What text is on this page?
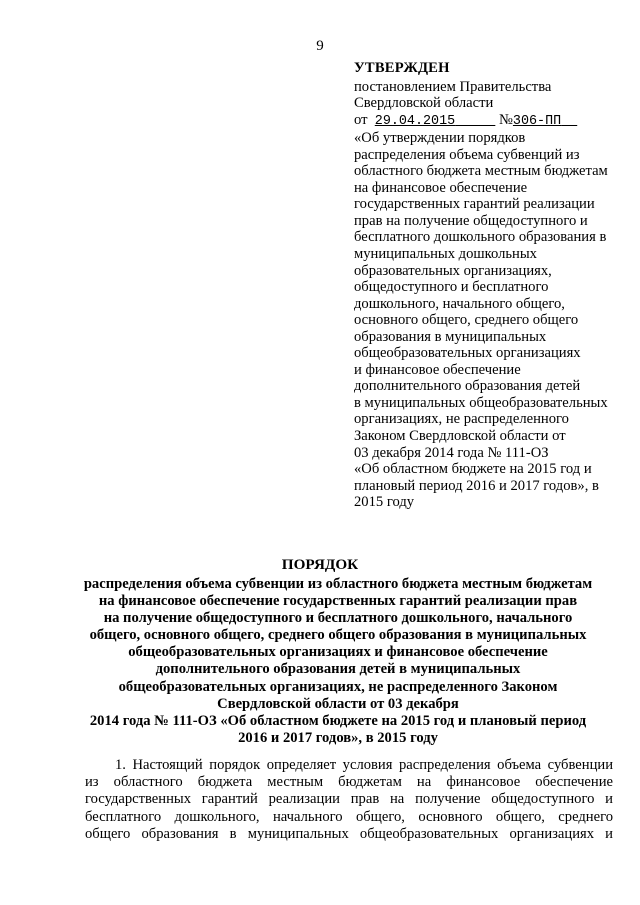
9
УТВЕРЖДЕН
постановлением Правительства
Свердловской области
от 29.04.2015	№306-ПП
«Об утверждении порядков
распределения объема субвенций из
областного бюджета местным бюджетам
на финансовое обеспечение
государственных гарантий реализации
прав на получение общедоступного и
бесплатного дошкольного образования в
муниципальных дошкольных
образовательных организациях,
общедоступного и бесплатного
дошкольного, начального общего,
основного общего, среднего общего
образования в муниципальных
общеобразовательных организациях
и финансовое обеспечение
дополнительного образования детей
в муниципальных общеобразовательных
организациях, не распределенного
Законом Свердловской области от
03 декабря 2014 года № 111-ОЗ
«Об областном бюджете на 2015 год и
плановый период 2016 и 2017 годов», в
2015 году
ПОРЯДОК
распределения объема субвенции из областного бюджета местным бюджетам
на финансовое обеспечение государственных гарантий реализации прав
на получение общедоступного и бесплатного дошкольного, начального
общего, основного общего, среднего общего образования в муниципальных
общеобразовательных организациях и финансовое обеспечение
дополнительного образования детей в муниципальных
общеобразовательных организациях, не распределенного Законом
Свердловской области от 03 декабря
2014 года № 111-ОЗ «Об областном бюджете на 2015 год и плановый период
2016 и 2017 годов», в 2015 году
1. Настоящий порядок определяет условия распределения объема субвенции
из областного бюджета местным бюджетам на финансовое обеспечение
государственных гарантий реализации прав на получение общедоступного и
бесплатного дошкольного, начального общего, основного общего, среднего
общего образования в муниципальных общеобразовательных организациях и
